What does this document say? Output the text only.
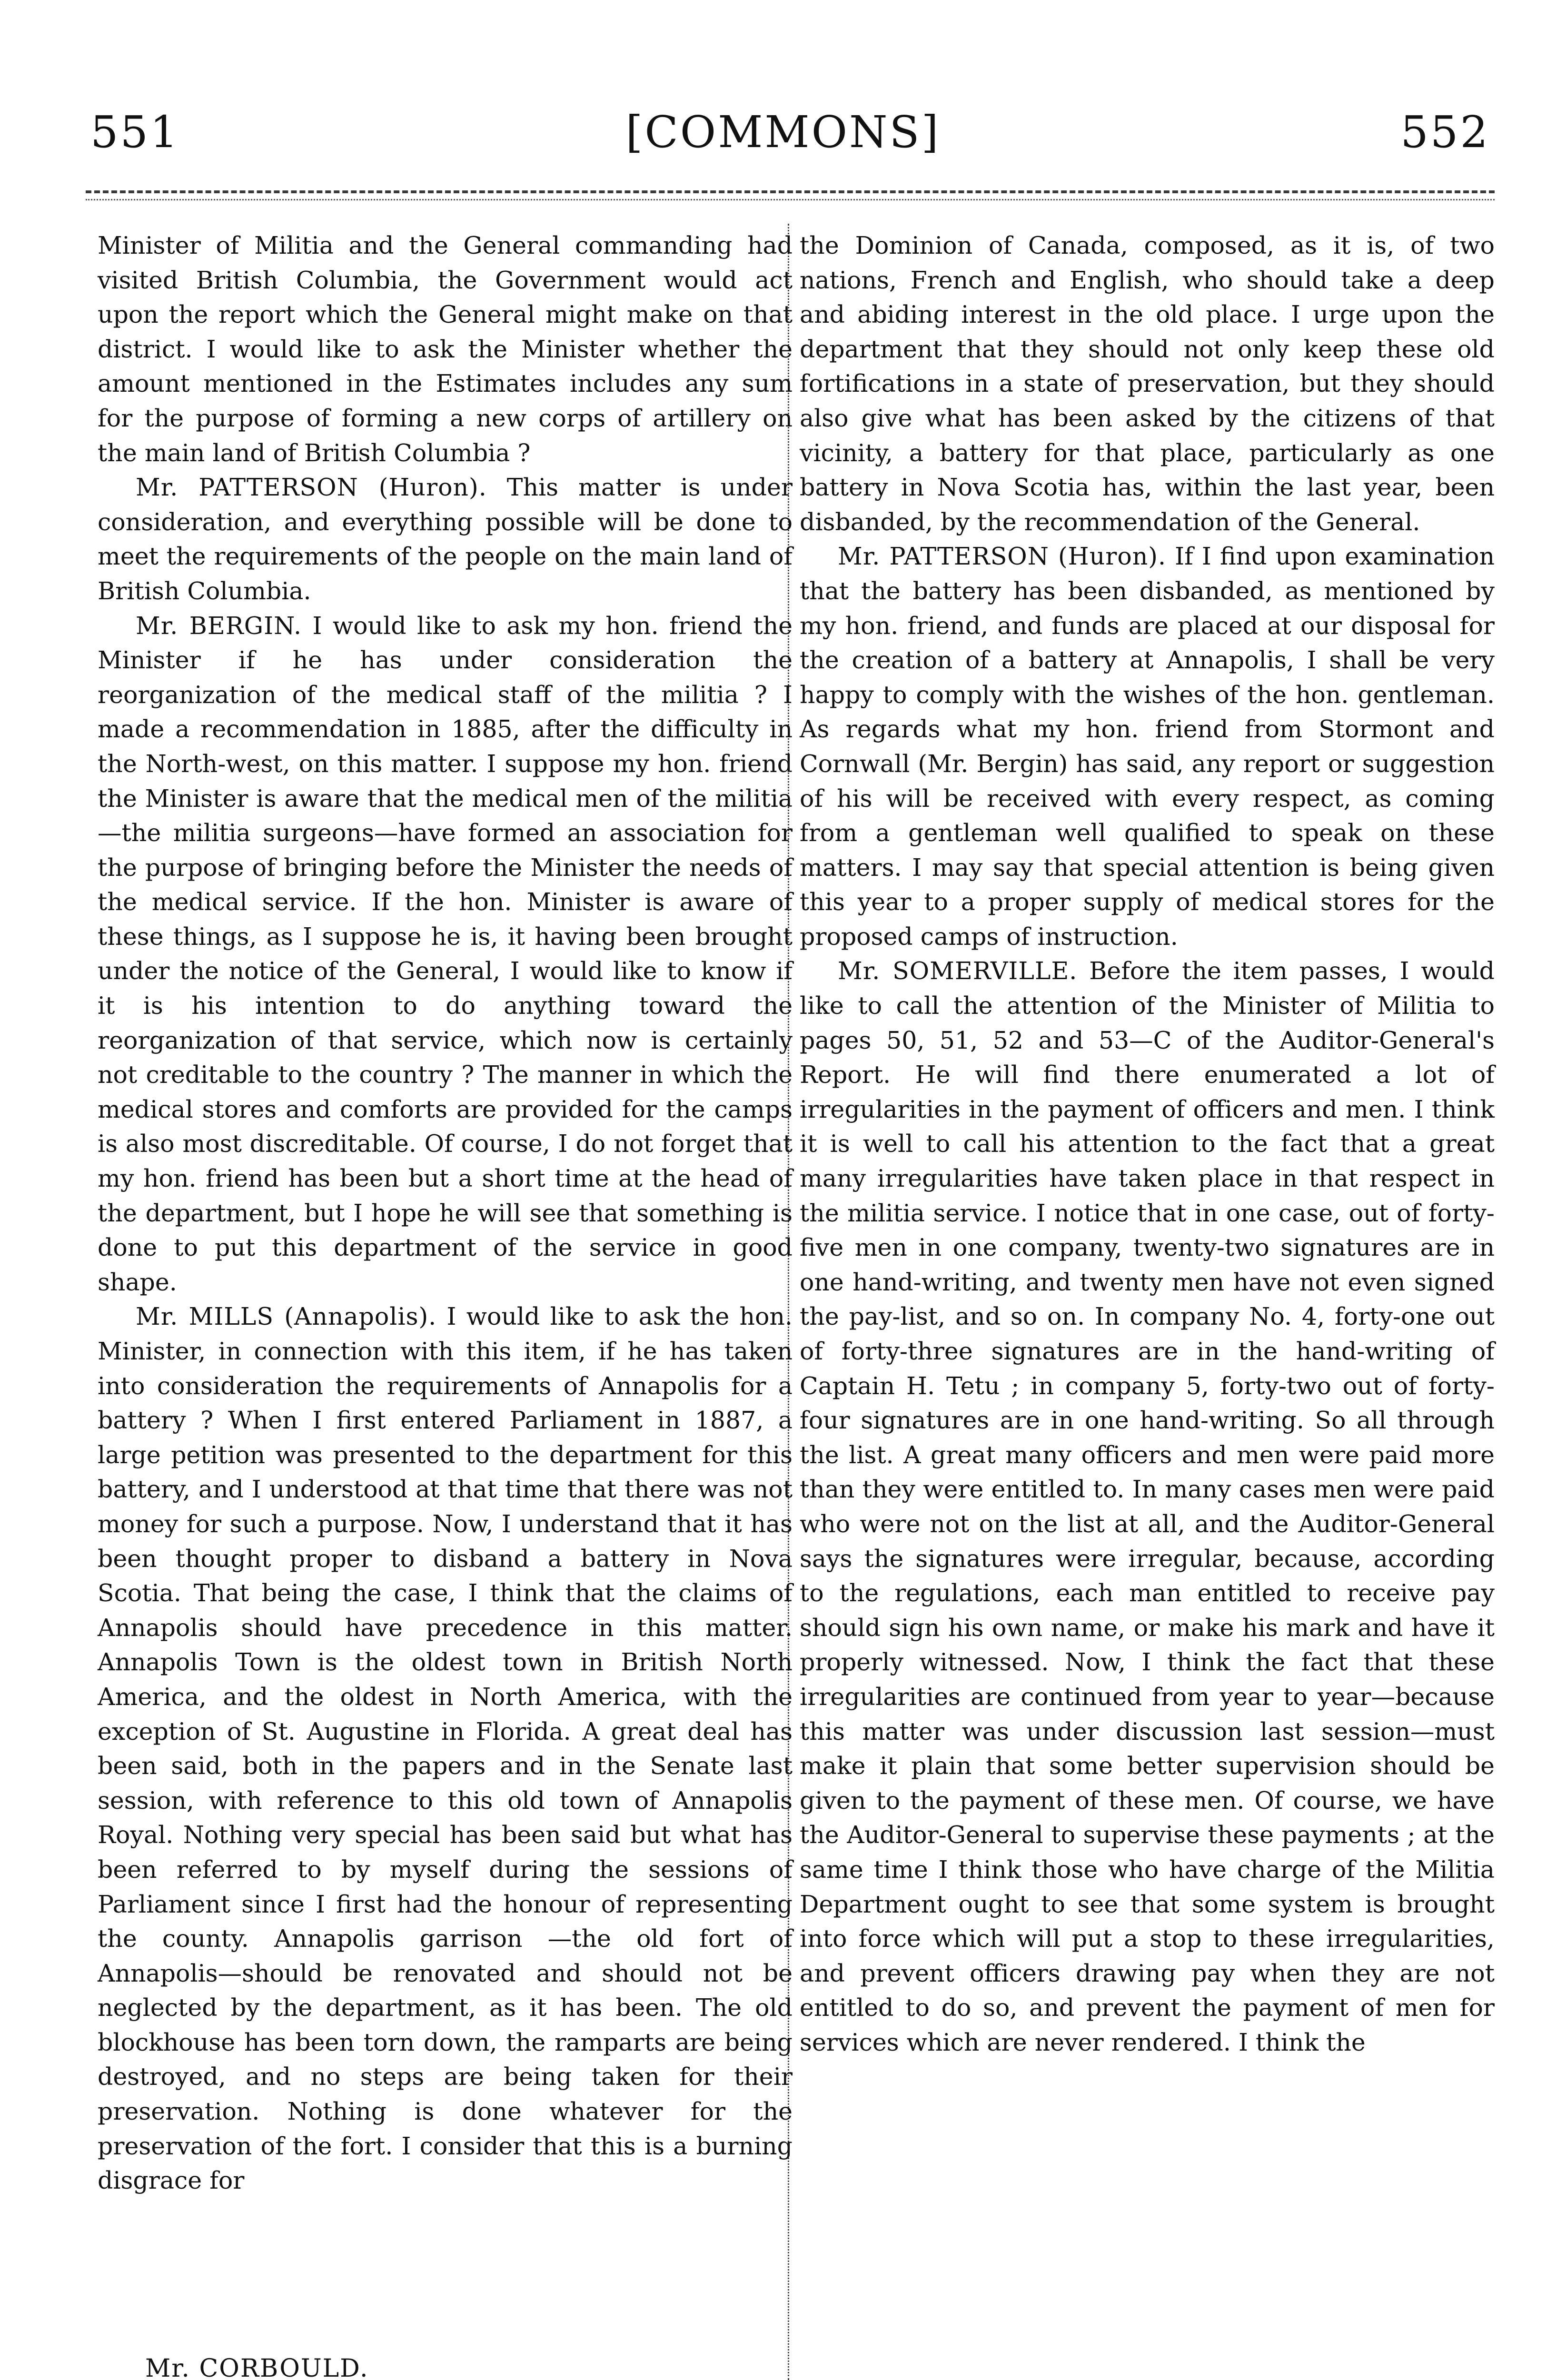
551	[COMMONS]	552

Minister of Militia and the General commanding had visited British Columbia, the Government would act upon the report which the General might make on that district. I would like to ask the Minister whether the amount mentioned in the Estimates includes any sum for the purpose of forming a new corps of artillery on the main land of British Columbia ?

Mr. PATTERSON (Huron). This matter is under consideration, and everything possible will be done to meet the requirements of the people on the main land of British Columbia.

Mr. BERGIN. I would like to ask my hon. friend the Minister if he has under consideration the reorganization of the medical staff of the militia ? I made a recommendation in 1885, after the difficulty in the North-west, on this matter. I suppose my hon. friend the Minister is aware that the medical men of the militia—the militia surgeons—have formed an association for the purpose of bringing before the Minister the needs of the medical service. If the hon. Minister is aware of these things, as I suppose he is, it having been brought under the notice of the General, I would like to know if it is his intention to do anything toward the reorganization of that service, which now is certainly not creditable to the country ? The manner in which the medical stores and comforts are provided for the camps is also most discreditable. Of course, I do not forget that my hon. friend has been but a short time at the head of the department, but I hope he will see that something is done to put this department of the service in good shape.

Mr. MILLS (Annapolis). I would like to ask the hon. Minister, in connection with this item, if he has taken into consideration the requirements of Annapolis for a battery ? When I first entered Parliament in 1887, a large petition was presented to the department for this battery, and I understood at that time that there was not money for such a purpose. Now, I understand that it has been thought proper to disband a battery in Nova Scotia. That being the case, I think that the claims of Annapolis should have precedence in this matter. Annapolis Town is the oldest town in British North America, and the oldest in North America, with the exception of St. Augustine in Florida. A great deal has been said, both in the papers and in the Senate last session, with reference to this old town of Annapolis Royal. Nothing very special has been said but what has been referred to by myself during the sessions of Parliament since I first had the honour of representing the county. Annapolis garrison —the old fort of Annapolis—should be renovated and should not be neglected by the department, as it has been. The old blockhouse has been torn down, the ramparts are being destroyed, and no steps are being taken for their preservation. Nothing is done whatever for the preservation of the fort. I consider that this is a burning disgrace for

the Dominion of Canada, composed, as it is, of two nations, French and English, who should take a deep and abiding interest in the old place. I urge upon the department that they should not only keep these old fortifications in a state of preservation, but they should also give what has been asked by the citizens of that vicinity, a battery for that place, particularly as one battery in Nova Scotia has, within the last year, been disbanded, by the recommendation of the General.

Mr. PATTERSON (Huron). If I find upon examination that the battery has been disbanded, as mentioned by my hon. friend, and funds are placed at our disposal for the creation of a battery at Annapolis, I shall be very happy to comply with the wishes of the hon. gentleman. As regards what my hon. friend from Stormont and Cornwall (Mr. Bergin) has said, any report or suggestion of his will be received with every respect, as coming from a gentleman well qualified to speak on these matters. I may say that special attention is being given this year to a proper supply of medical stores for the proposed camps of instruction.

Mr. SOMERVILLE. Before the item passes, I would like to call the attention of the Minister of Militia to pages 50, 51, 52 and 53—C of the Auditor-General's Report. He will find there enumerated a lot of irregularities in the payment of officers and men. I think it is well to call his attention to the fact that a great many irregularities have taken place in that respect in the militia service. I notice that in one case, out of forty-five men in one company, twenty-two signatures are in one hand-writing, and twenty men have not even signed the pay-list, and so on. In company No. 4, forty-one out of forty-three signatures are in the hand-writing of Captain H. Tetu ; in company 5, forty-two out of forty-four signatures are in one hand-writing. So all through the list. A great many officers and men were paid more than they were entitled to. In many cases men were paid who were not on the list at all, and the Auditor-General says the signatures were irregular, because, according to the regulations, each man entitled to receive pay should sign his own name, or make his mark and have it properly witnessed. Now, I think the fact that these irregularities are continued from year to year—because this matter was under discussion last session—must make it plain that some better supervision should be given to the payment of these men. Of course, we have the Auditor-General to supervise these payments ; at the same time I think those who have charge of the Militia Department ought to see that some system is brought into force which will put a stop to these irregularities, and prevent officers drawing pay when they are not entitled to do so, and prevent the payment of men for services which are never rendered. I think the

Mr. CORBOULD.
